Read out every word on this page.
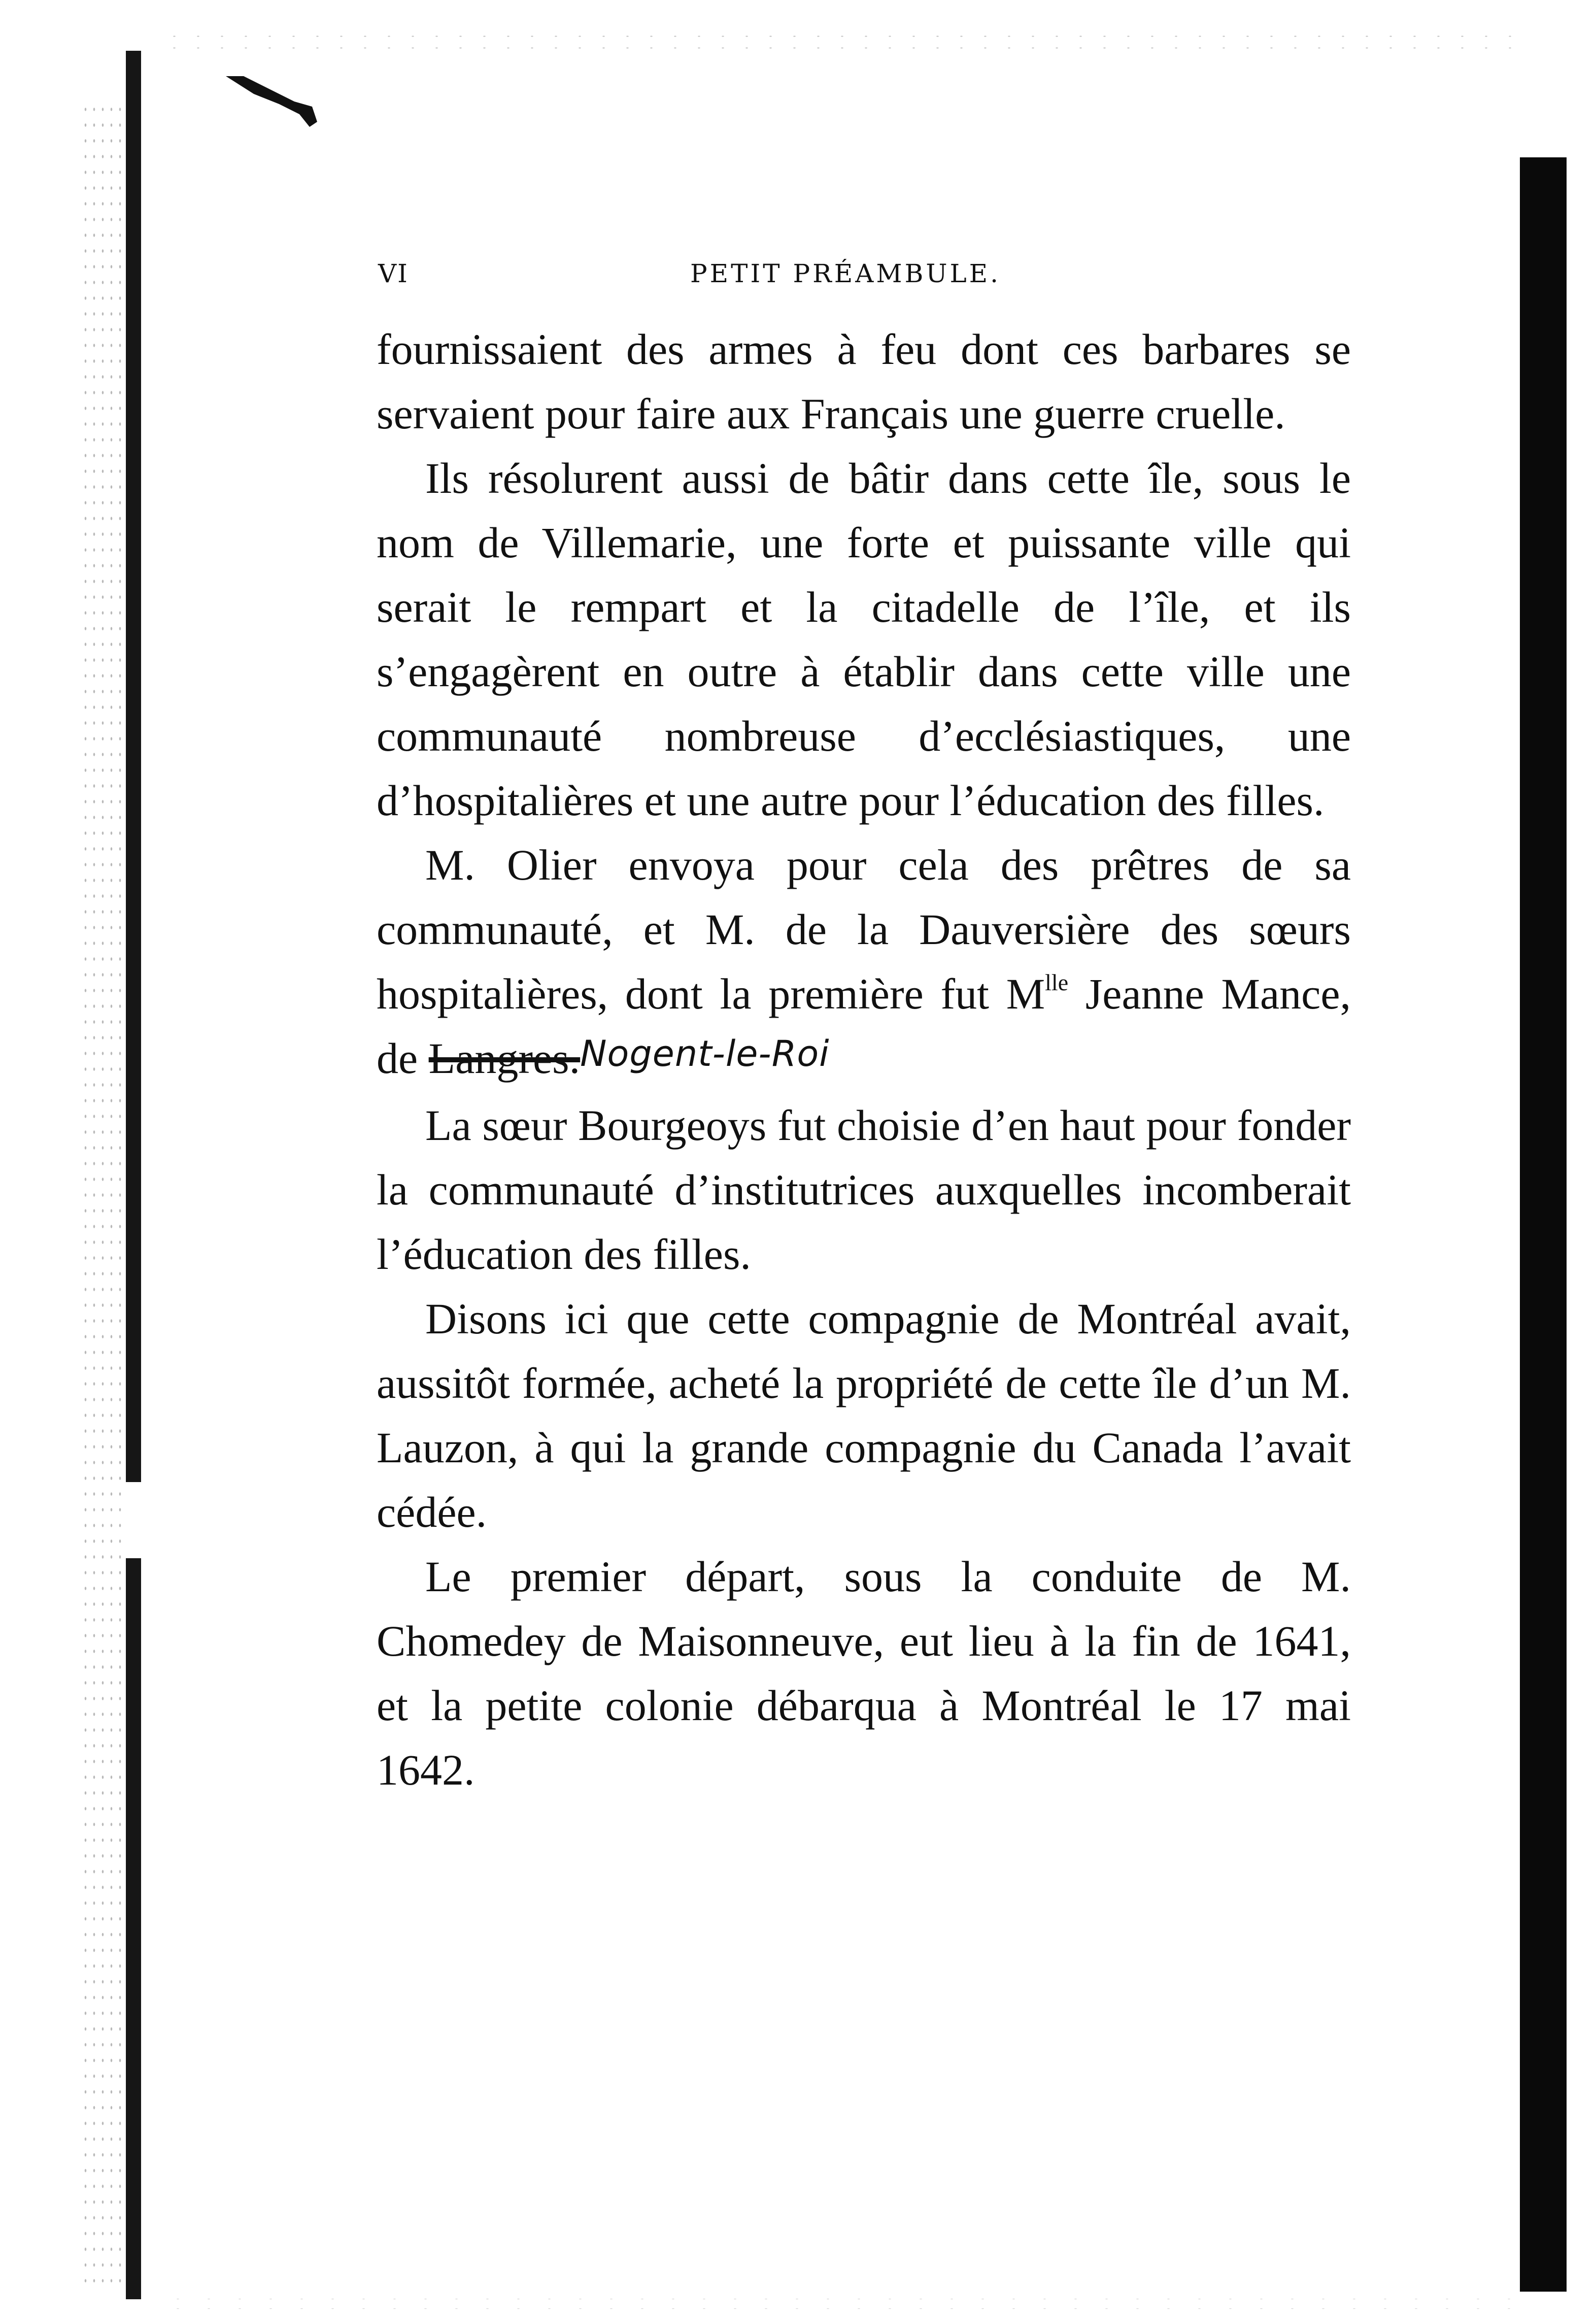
VI	PETIT PRÉAMBULE.

fournissaient des armes à feu dont ces barbares se servaient pour faire aux Français une guerre cruelle.

Ils résolurent aussi de bâtir dans cette île, sous le nom de Villemarie, une forte et puissante ville qui serait le rempart et la citadelle de l’île, et ils s’engagèrent en outre à établir dans cette ville une communauté nombreuse d’ecclésiastiques, une d’hospitalières et une autre pour l’éducation des filles.

M. Olier envoya pour cela des prêtres de sa communauté, et M. de la Dauversière des sœurs hospitalières, dont la première fut $M^{lle}$ Jeanne Mance, de Langres.Nogent-le-Roi

La sœur Bourgeoys fut choisie d’en haut pour fonder la communauté d’institutrices auxquelles incomberait l’éducation des filles.

Disons ici que cette compagnie de Montréal avait, aussitôt formée, acheté la propriété de cette île d’un M. Lauzon, à qui la grande compagnie du Canada l’avait cédée.

Le premier départ, sous la conduite de M. Chomedey de Maisonneuve, eut lieu à la fin de 1641, et la petite colonie débarqua à Montréal le 17 mai 1642.
